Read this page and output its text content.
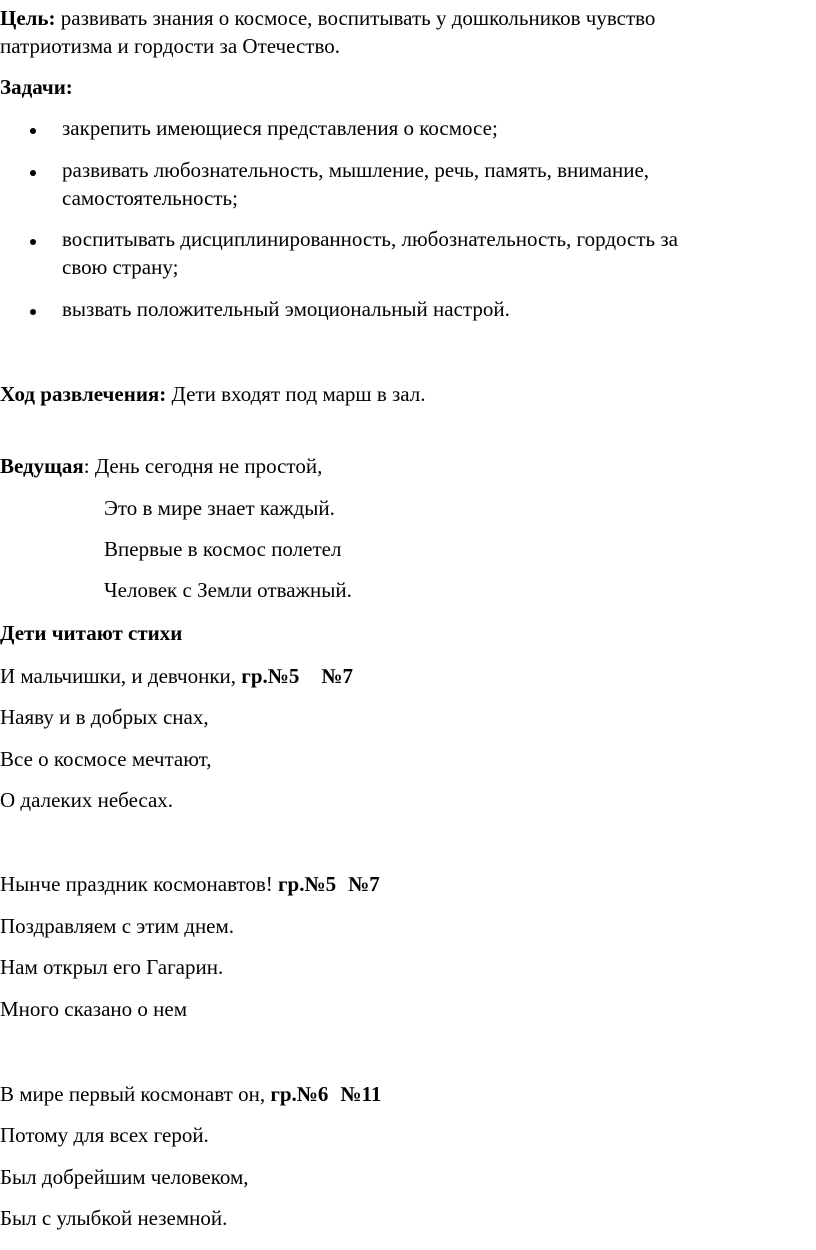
Цель: развивать знания о космосе, воспитывать у дошкольников чувство
патриотизма и гордости за Отечество.
Задачи:
закрепить имеющиеся представления о космосе;
развивать любознательность, мышление, речь, память, внимание,
самостоятельность;
воспитывать дисциплинированность, любознательность, гордость за
свою страну;
вызвать положительный эмоциональный настрой.
Ход развлечения: Дети входят под марш в зал.
Ведущая: День сегодня не простой,
Это в мире знает каждый.
Впервые в космос полетел
Человек с Земли отважный.
Дети читают стихи
И мальчишки, и девчонки, гр.№5 №7
Наяву и в добрых снах,
Все о космосе мечтают,
О далеких небесах.
Нынче праздник космонавтов! гр.№5 №7
Поздравляем с этим днем.
Нам открыл его Гагарин.
Много сказано о нем
В мире первый космонавт он, гр.№6 №11
Потому для всех герой.
Был добрейшим человеком,
Был с улыбкой неземной.
